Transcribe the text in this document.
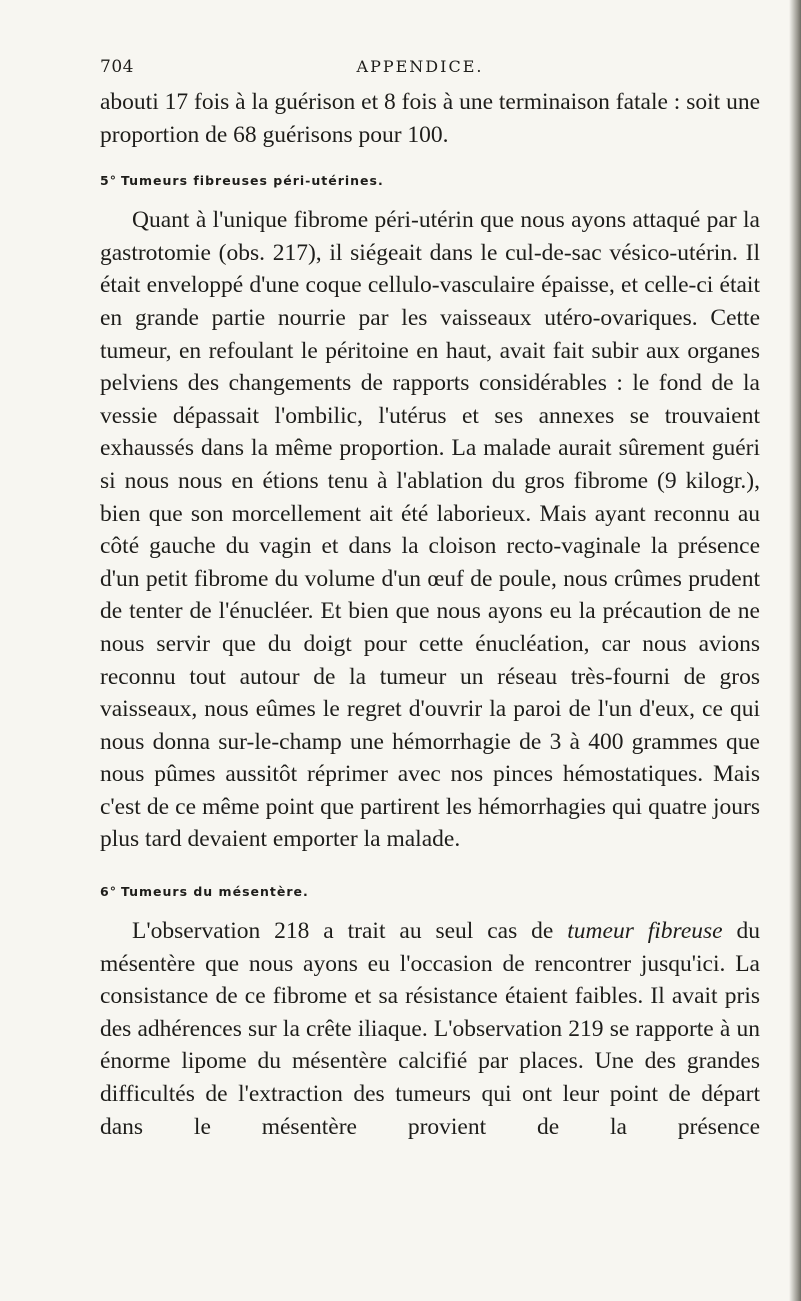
704	APPENDICE.

abouti 17 fois à la guérison et 8 fois à une terminaison fatale : soit une proportion de 68 guérisons pour 100.

5° Tumeurs fibreuses péri-utérines.

Quant à l'unique fibrome péri-utérin que nous ayons attaqué par la gastrotomie (obs. 217), il siégeait dans le cul-de-sac vésico-utérin. Il était enveloppé d'une coque cellulo-vasculaire épaisse, et celle-ci était en grande partie nourrie par les vaisseaux utéro-ovariques. Cette tumeur, en refoulant le péritoine en haut, avait fait subir aux organes pelviens des changements de rapports considérables : le fond de la vessie dépassait l'ombilic, l'utérus et ses annexes se trouvaient exhaussés dans la même proportion. La malade aurait sûrement guéri si nous nous en étions tenu à l'ablation du gros fibrome (9 kilogr.), bien que son morcellement ait été laborieux. Mais ayant reconnu au côté gauche du vagin et dans la cloison recto-vaginale la présence d'un petit fibrome du volume d'un œuf de poule, nous crûmes prudent de tenter de l'énucléer. Et bien que nous ayons eu la précaution de ne nous servir que du doigt pour cette énucléation, car nous avions reconnu tout autour de la tumeur un réseau très-fourni de gros vaisseaux, nous eûmes le regret d'ouvrir la paroi de l'un d'eux, ce qui nous donna sur-le-champ une hémorrhagie de 3 à 400 grammes que nous pûmes aussitôt réprimer avec nos pinces hémostatiques. Mais c'est de ce même point que partirent les hémorrhagies qui quatre jours plus tard devaient emporter la malade.

6° Tumeurs du mésentère.

L'observation 218 a trait au seul cas de tumeur fibreuse du mésentère que nous ayons eu l'occasion de rencontrer jusqu'ici. La consistance de ce fibrome et sa résistance étaient faibles. Il avait pris des adhérences sur la crête iliaque. L'observation 219 se rapporte à un énorme lipome du mésentère calcifié par places. Une des grandes difficultés de l'extraction des tumeurs qui ont leur point de départ dans le mésentère provient de la présence
